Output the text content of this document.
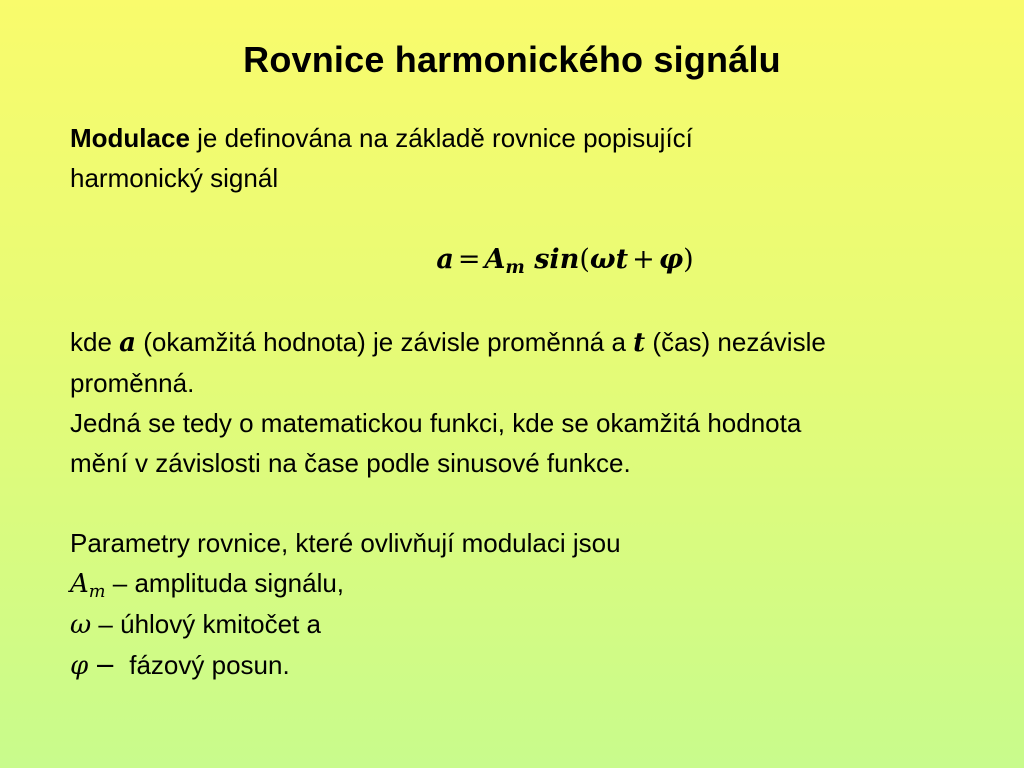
Rovnice harmonického signálu

Modulace je definována na základě rovnice popisující
harmonický signál

$a = A_m$ sin(ωt + φ)

kde a (okamžitá hodnota) je závisle proměnná a t (čas) nezávisle
proměnná.
Jedná se tedy o matematickou funkci, kde se okamžitá hodnota
mění v závislosti na čase podle sinusové funkce.

Parametry rovnice, které ovlivňují modulaci jsou
$A_m$ – amplituda signálu,
ω – úhlový kmitočet a
φ − fázový posun.
